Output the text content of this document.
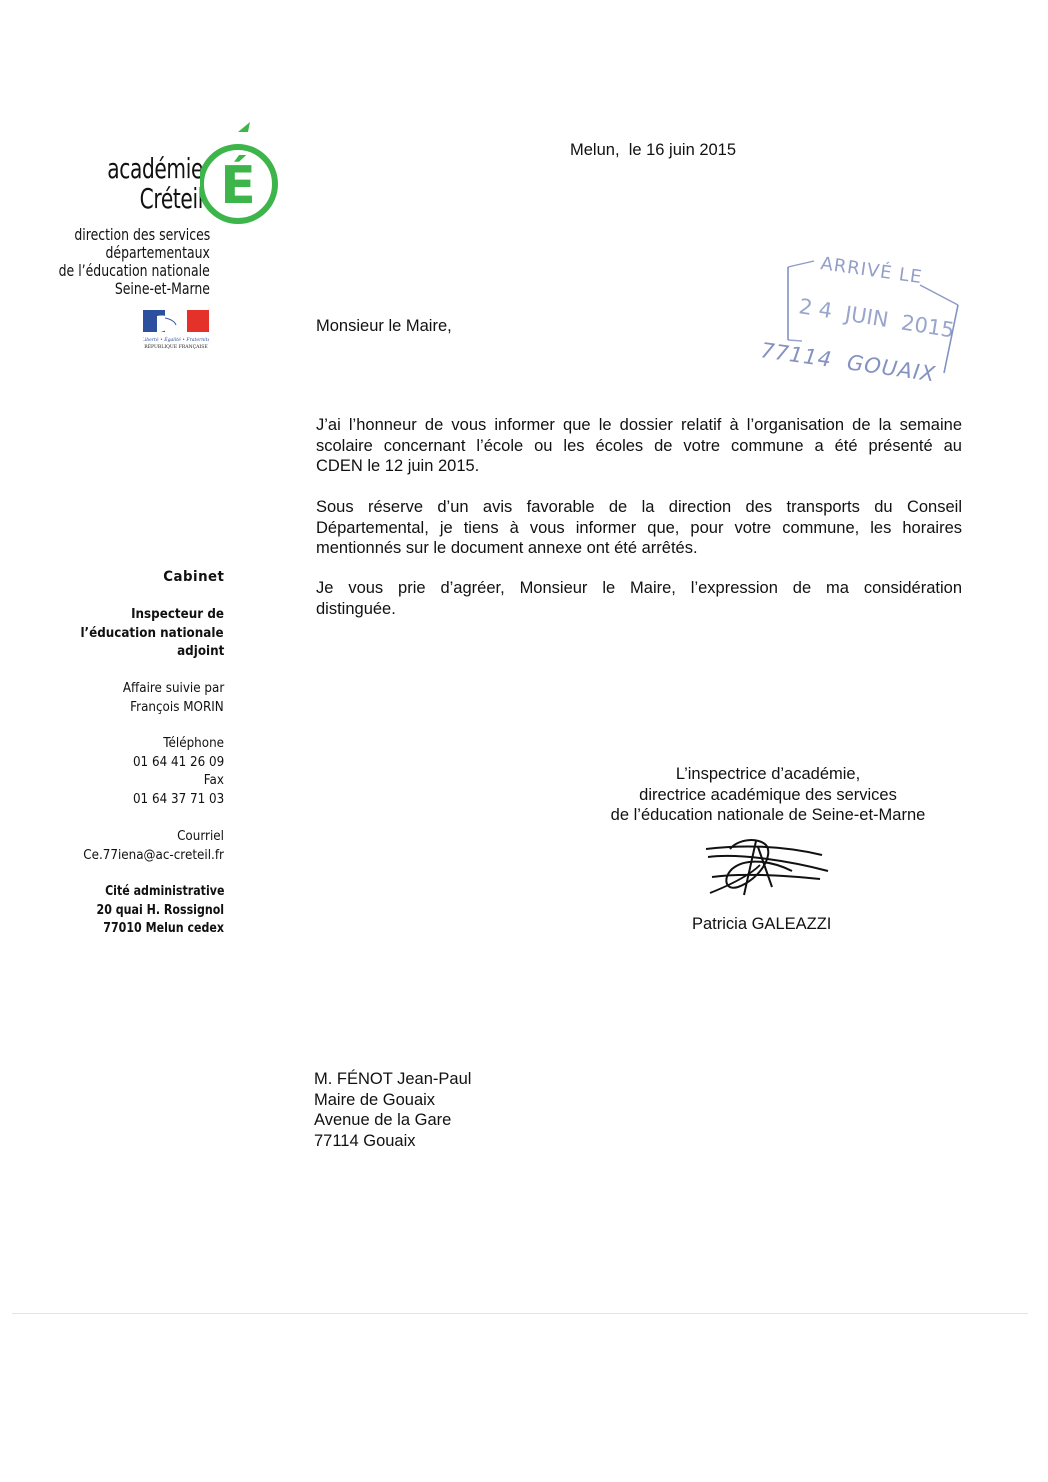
académie
Créteil É
direction des services
départementaux
de l’éducation nationale
Seine-et-Marne
Liberté • Égalité • Fraternité
RÉPUBLIQUE FRANÇAISE
Cabinet
Inspecteur de
l’éducation nationale
adjoint
Affaire suivie par
François MORIN
Téléphone
01 64 41 26 09
Fax
01 64 37 71 03
Courriel
Ce.77iena@ac-creteil.fr
Cité administrative
20 quai H. Rossignol
77010 Melun cedex
Melun,  le 16 juin 2015
ARRIVÉ LE
2 4  JUIN  2015
77114  GOUAIX
Monsieur le Maire,
J’ai l’honneur de vous informer que le dossier relatif à l’organisation de la semaine
scolaire concernant l’école ou les écoles de votre commune a été présenté au
CDEN le 12 juin 2015.
Sous réserve d’un avis favorable de la direction des transports du Conseil
Départemental, je tiens à vous informer que, pour votre commune, les horaires
mentionnés sur le document annexe ont été arrêtés.
Je vous prie d’agréer, Monsieur le Maire, l’expression de ma considération
distinguée.
L’inspectrice d’académie,
directrice académique des services
de l’éducation nationale de Seine-et-Marne
Patricia GALEAZZI
M. FÉNOT Jean-Paul
Maire de Gouaix
Avenue de la Gare
77114 Gouaix
